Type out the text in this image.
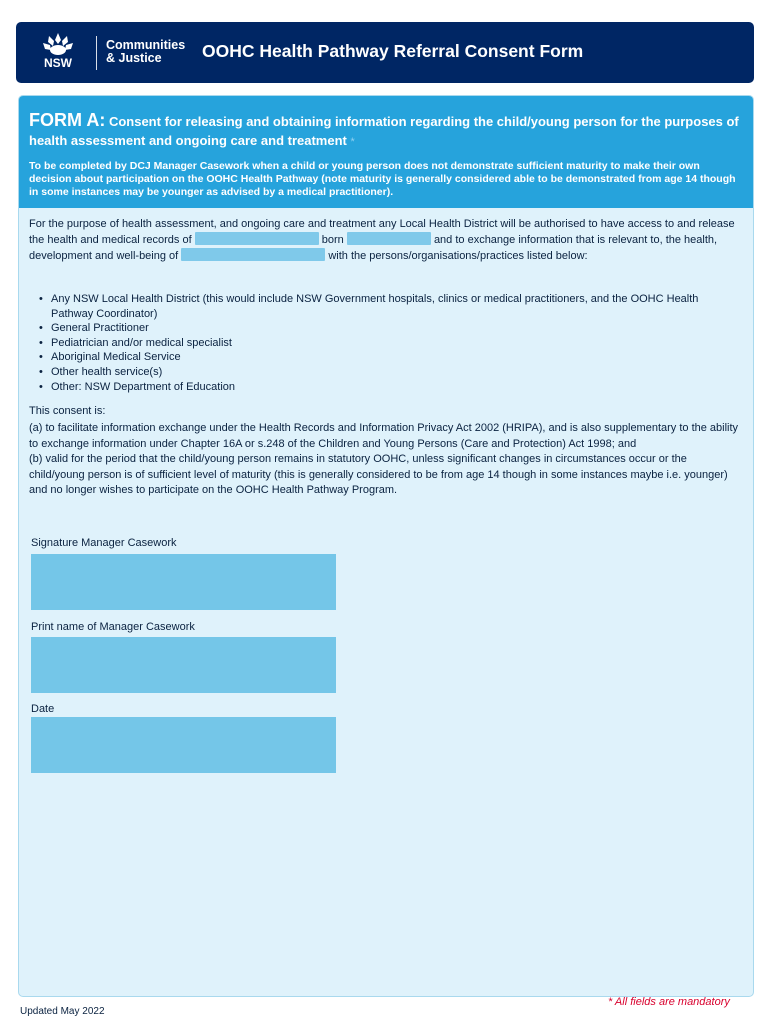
NSW
Communities
& Justice	OOHC Health Pathway Referral Consent Form
FORM A: Consent for releasing and obtaining information regarding the child/young person for the purposes of health assessment and ongoing care and treatment *
To be completed by DCJ Manager Casework when a child or young person does not demonstrate sufficient maturity to make their own decision about participation on the OOHC Health Pathway (note maturity is generally considered able to be demonstrated from age 14 though in some instances may be younger as advised by a medical practitioner).
For the purpose of health assessment, and ongoing care and treatment any Local Health District will be authorised to have access to and release the health and medical records of	born	and to exchange information that is relevant to, the health, development and well-being of	with the persons/organisations/practices listed below:
• Any NSW Local Health District (this would include NSW Government hospitals, clinics or medical practitioners, and the OOHC Health Pathway Coordinator)
• General Practitioner
• Pediatrician and/or medical specialist
• Aboriginal Medical Service
• Other health service(s)
• Other: NSW Department of Education

This consent is:

(a) to facilitate information exchange under the Health Records and Information Privacy Act 2002 (HRIPA), and is also supplementary to the ability to exchange information under Chapter 16A or s.248 of the Children and Young Persons (Care and Protection) Act 1998; and

(b) valid for the period that the child/young person remains in statutory OOHC, unless significant changes in circumstances occur or the child/young person is of sufficient level of maturity (this is generally considered to be from age 14 though in some instances maybe i.e. younger) and no longer wishes to participate on the OOHC Health Pathway Program.

Signature Manager Casework
Print name of Manager Casework
Date
* All fields are mandatory
Updated May 2022
